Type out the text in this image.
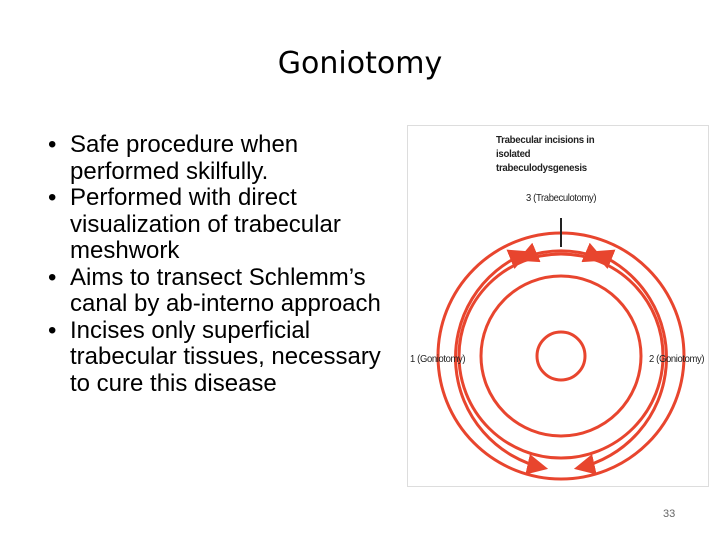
Goniotomy
• Safe procedure when performed skilfully.
• Performed with direct visualization of trabecular meshwork
• Aims to transect Schlemm’s canal by ab-interno approach
• Incises only superficial trabecular tissues, necessary to cure this disease
Trabecular incisions in isolated trabeculodysgenesis
3 (Trabeculotomy)
1 (Goniotomy)	2 (Goniotomy)
33
